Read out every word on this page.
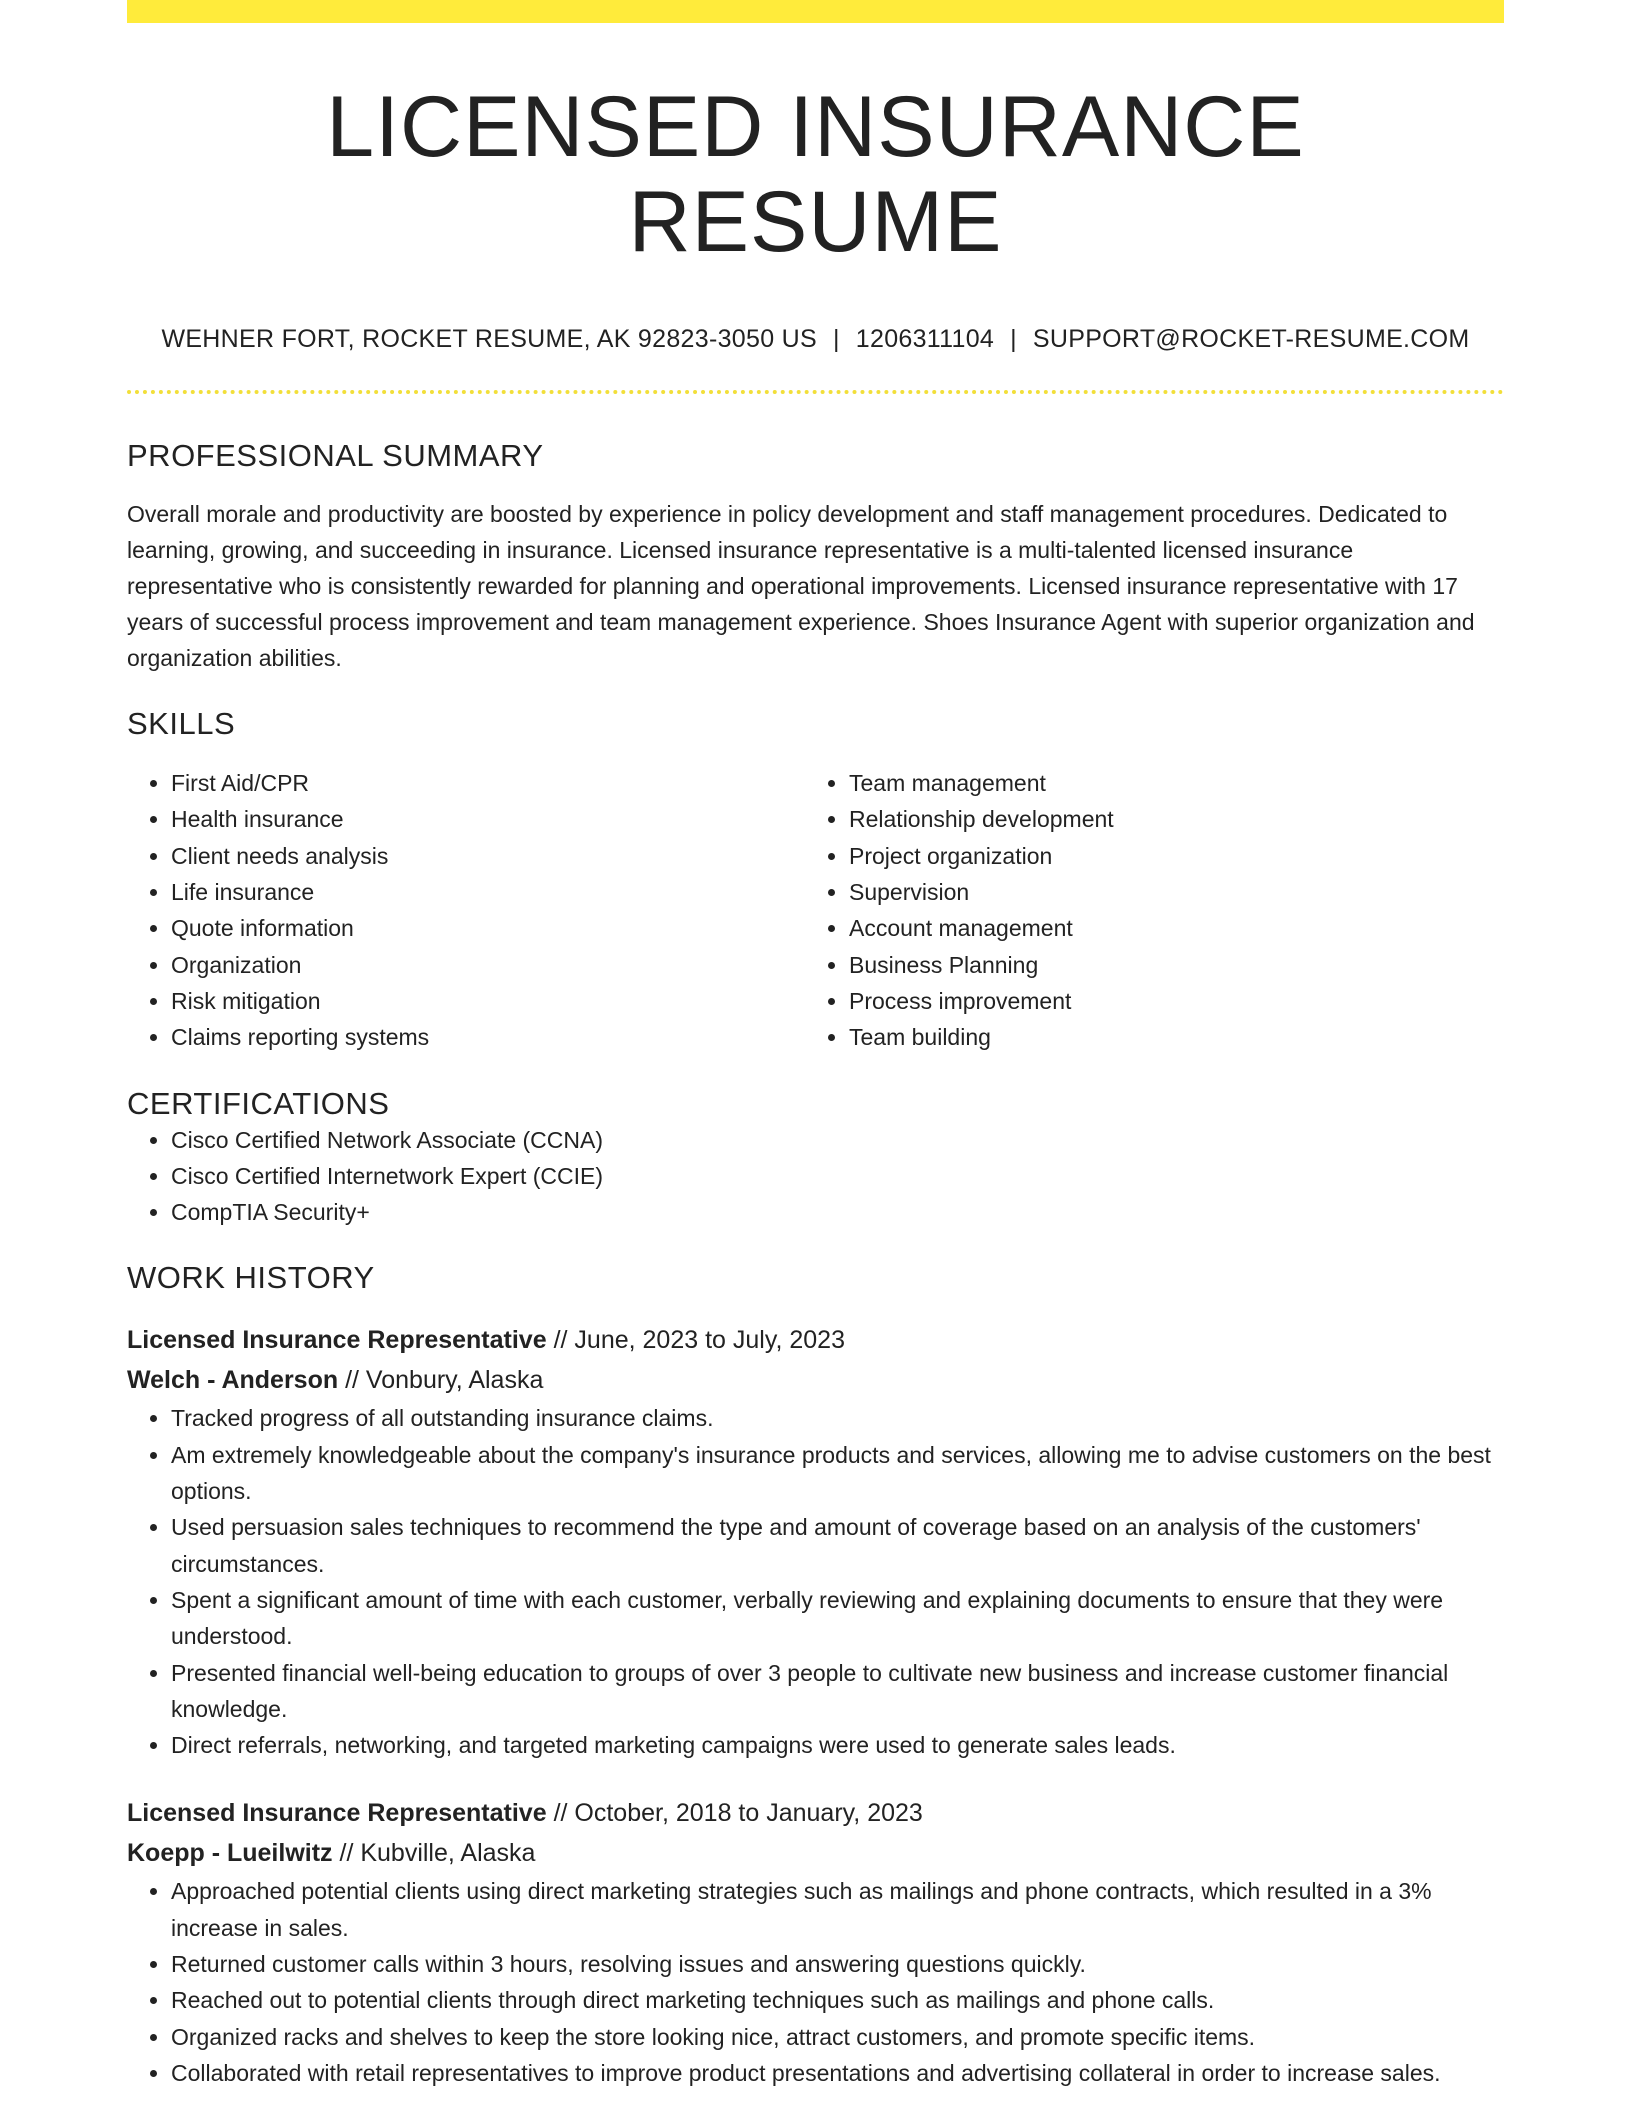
LICENSED INSURANCE RESUME
WEHNER FORT, ROCKET RESUME, AK 92823-3050 US | 1206311104 | SUPPORT@ROCKET-RESUME.COM
PROFESSIONAL SUMMARY
Overall morale and productivity are boosted by experience in policy development and staff management procedures. Dedicated to learning, growing, and succeeding in insurance. Licensed insurance representative is a multi-talented licensed insurance representative who is consistently rewarded for planning and operational improvements. Licensed insurance representative with 17 years of successful process improvement and team management experience. Shoes Insurance Agent with superior organization and organization abilities.
SKILLS
• First Aid/CPR
• Health insurance
• Client needs analysis
• Life insurance
• Quote information
• Organization
• Risk mitigation
• Claims reporting systems
• Team management
• Relationship development
• Project organization
• Supervision
• Account management
• Business Planning
• Process improvement
• Team building
CERTIFICATIONS
• Cisco Certified Network Associate (CCNA)
• Cisco Certified Internetwork Expert (CCIE)
• CompTIA Security+
WORK HISTORY
Licensed Insurance Representative // June, 2023 to July, 2023
Welch - Anderson // Vonbury, Alaska
• Tracked progress of all outstanding insurance claims.
• Am extremely knowledgeable about the company's insurance products and services, allowing me to advise customers on the best options.
• Used persuasion sales techniques to recommend the type and amount of coverage based on an analysis of the customers' circumstances.
• Spent a significant amount of time with each customer, verbally reviewing and explaining documents to ensure that they were understood.
• Presented financial well-being education to groups of over 3 people to cultivate new business and increase customer financial knowledge.
• Direct referrals, networking, and targeted marketing campaigns were used to generate sales leads.
Licensed Insurance Representative // October, 2018 to January, 2023
Koepp - Lueilwitz // Kubville, Alaska
• Approached potential clients using direct marketing strategies such as mailings and phone contracts, which resulted in a 3% increase in sales.
• Returned customer calls within 3 hours, resolving issues and answering questions quickly.
• Reached out to potential clients through direct marketing techniques such as mailings and phone calls.
• Organized racks and shelves to keep the store looking nice, attract customers, and promote specific items.
• Collaborated with retail representatives to improve product presentations and advertising collateral in order to increase sales.
